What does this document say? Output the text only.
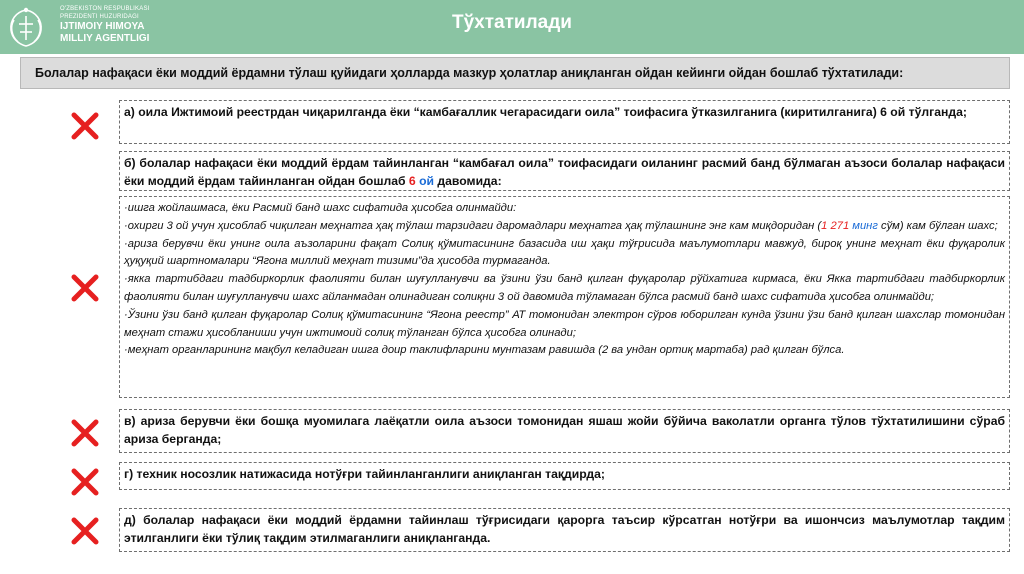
O'ZBEKISTON RESPUBLIKASI
PREZIDENTI HUZURIDAGI
IJTIMOIY HIMOYA
MILLIY AGENTLIGI
Тўхтатилади
Болалар нафақаси ёки моддий ёрдамни тўлаш қуйидаги ҳолларда мазкур ҳолатлар аниқланган ойдан кейинги ойдан бошлаб тўхтатилади:
а) оила Ижтимоий реестрдан чиқарилганда ёки “камбағаллик чегарасидаги оила” тоифасига ўтказилганига (киритилганига) 6 ой тўлганда;
б) болалар нафақаси ёки моддий ёрдам тайинланган “камбағал оила” тоифасидаги оиланинг расмий банд бўлмаган аъзоси болалар нафақаси ёки моддий ёрдам тайинланган ойдан бошлаб 6 ой давомида:

·ишга жойлашмаса, ёки Расмий банд шахс сифатида ҳисобга олинмайди:

·охирги 3 ой учун ҳисоблаб чиқилган меҳнатга ҳақ тўлаш тарзидаги даромадлари меҳнатга ҳақ тўлашнинг энг кам миқдоридан (1 271 минг сўм) кам бўлган шахс;

·ариза берувчи ёки унинг оила аъзоларини фақат Солиқ қўмитасининг базасида иш ҳақи тўғрисида маълумотлари мавжуд, бироқ унинг меҳнат ёки фуқаролик ҳуқуқий шартномалари “Ягона миллий меҳнат тизими”да ҳисобда турмаганда.

·якка тартибдаги тадбиркорлик фаолияти билан шуғулланувчи ва ўзини ўзи банд қилган фуқаролар рўйхатига кирмаса, ёки Якка тартибдаги тадбиркорлик фаолияти билан шуғулланувчи шахс айланмадан олинадиган солиқни 3 ой давомида тўламаган бўлса расмий банд шахс сифатида ҳисобга олинмайди;

·Ўзини ўзи банд қилган фуқаролар Солиқ қўмитасининг “Ягона реестр” АТ томонидан электрон сўров юборилган кунда ўзини ўзи банд қилган шахслар томонидан меҳнат стажи ҳисобланиши учун ижтимоий солиқ тўланган бўлса ҳисобга олинади;

·меҳнат органларининг мақбул келадиган ишга доир таклифларини мунтазам равишда (2 ва ундан ортиқ мартаба) рад қилган бўлса.

в) ариза берувчи ёки бошқа муомилага лаёқатли оила аъзоси томонидан яшаш жойи бўйича ваколатли органга тўлов тўхтатилишини сўраб ариза берганда;
г) техник носозлик натижасида нотўғри тайинланганлиги аниқланган тақдирда;
д) болалар нафақаси ёки моддий ёрдамни тайинлаш тўғрисидаги қарорга таъсир кўрсатган нотўғри ва ишончсиз маълумотлар тақдим этилганлиги ёки тўлиқ тақдим этилмаганлиги аниқланганда.
